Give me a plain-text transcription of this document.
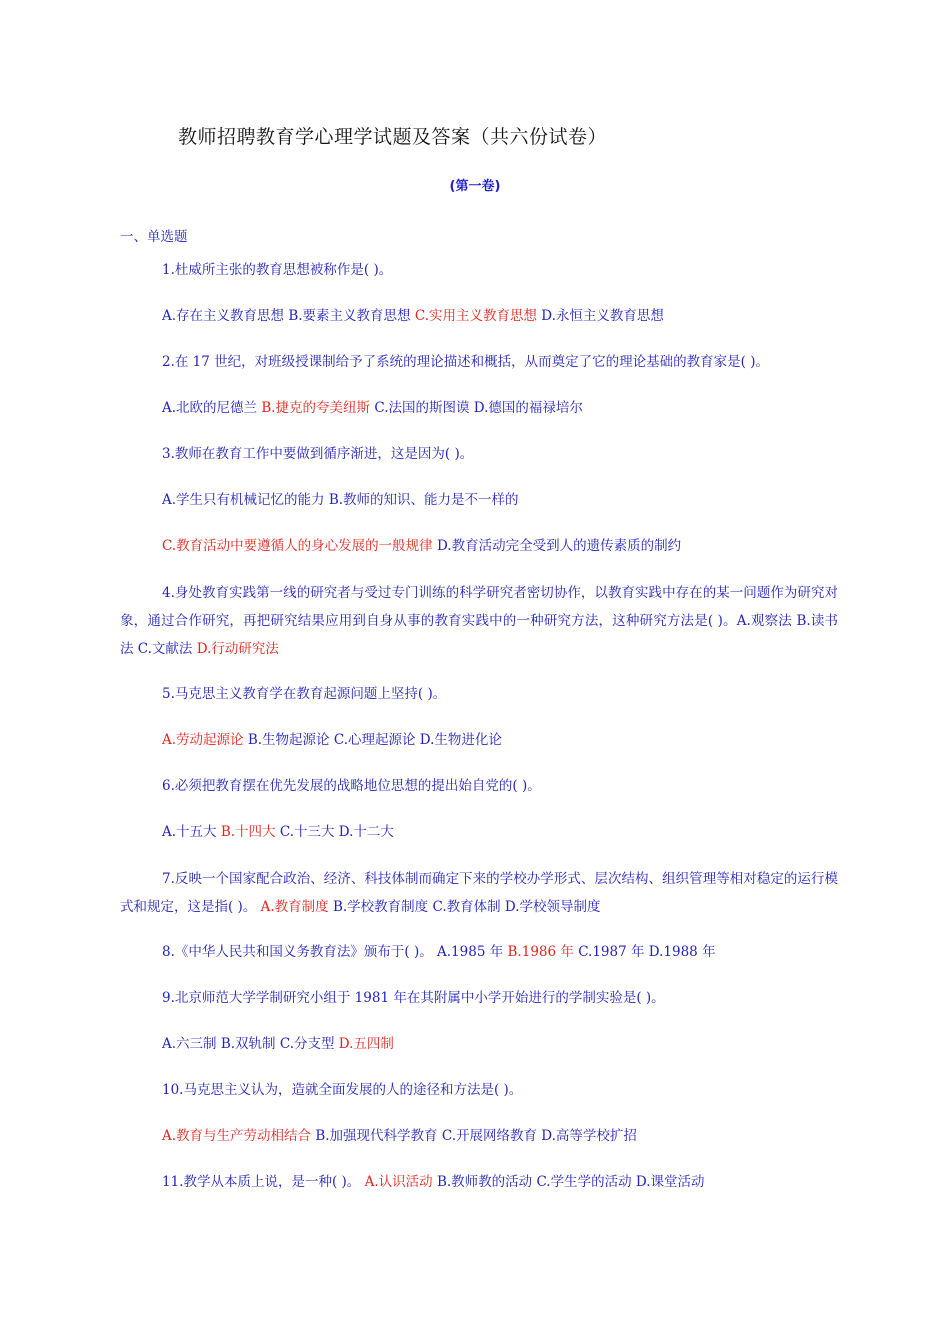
教师招聘教育学心理学试题及答案（共六份试卷）
(第一卷)
一、单选题
1.杜威所主张的教育思想被称作是( )。
A.存在主义教育思想 B.要素主义教育思想 C.实用主义教育思想 D.永恒主义教育思想
2.在 17 世纪，对班级授课制给予了系统的理论描述和概括，从而奠定了它的理论基础的教育家是( )。
A.北欧的尼德兰 B.捷克的夸美纽斯 C.法国的斯图谟 D.德国的福禄培尔
3.教师在教育工作中要做到循序渐进，这是因为( )。
A.学生只有机械记忆的能力 B.教师的知识、能力是不一样的
C.教育活动中要遵循人的身心发展的一般规律 D.教育活动完全受到人的遗传素质的制约
4.身处教育实践第一线的研究者与受过专门训练的科学研究者密切协作，以教育实践中存在的某一问题作为研究对象，通过合作研究，再把研究结果应用到自身从事的教育实践中的一种研究方法，这种研究方法是( )。A.观察法 B.读书法 C.文献法 D.行动研究法
5.马克思主义教育学在教育起源问题上坚持( )。
A.劳动起源论 B.生物起源论 C.心理起源论 D.生物进化论
6.必须把教育摆在优先发展的战略地位思想的提出始自党的( )。
A.十五大 B.十四大 C.十三大 D.十二大
7.反映一个国家配合政治、经济、科技体制而确定下来的学校办学形式、层次结构、组织管理等相对稳定的运行模式和规定，这是指( )。 A.教育制度 B.学校教育制度 C.教育体制 D.学校领导制度
8.《中华人民共和国义务教育法》颁布于( )。 A.1985 年 B.1986 年 C.1987 年 D.1988 年
9.北京师范大学学制研究小组于 1981 年在其附属中小学开始进行的学制实验是( )。
A.六三制 B.双轨制 C.分支型 D.五四制
10.马克思主义认为，造就全面发展的人的途径和方法是( )。
A.教育与生产劳动相结合 B.加强现代科学教育 C.开展网络教育 D.高等学校扩招
11.教学从本质上说，是一种( )。 A.认识活动 B.教师教的活动 C.学生学的活动 D.课堂活动
